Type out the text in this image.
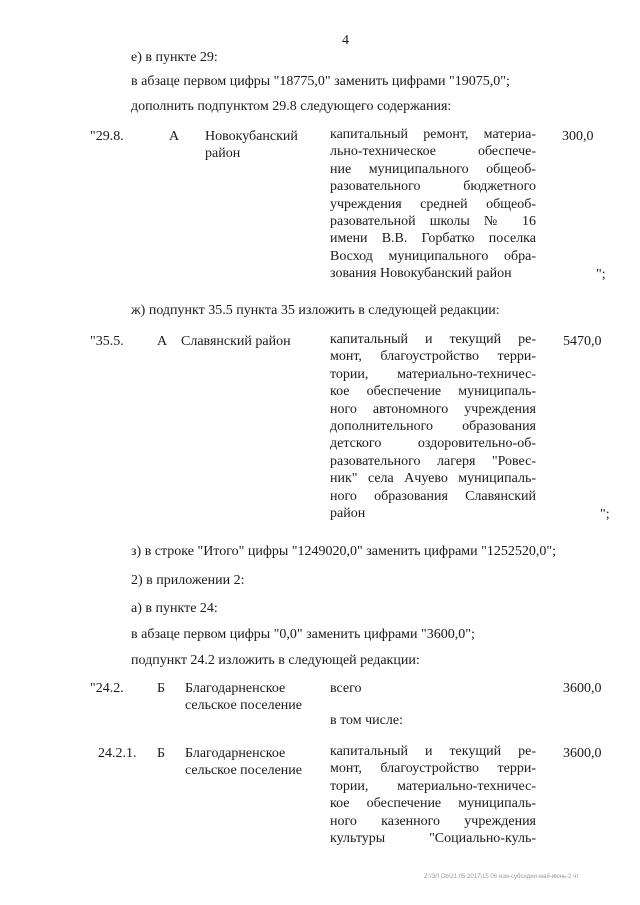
4
е) в пункте 29:
в абзаце первом цифры "18775,0" заменить цифрами "19075,0";
дополнить подпунктом 29.8 следующего содержания:
"29.8.	А Новокубанский
район
капитальный ремонт, материа-
льно-техническое обеспече-
ние муниципального общеоб-
разовательного бюджетного
учреждения средней общеоб-
разовательной школы № 16
имени В.В. Горбатко поселка
Восход муниципального обра-
зования Новокубанский район
300,0
";
ж) подпункт 35.5 пункта 35 изложить в следующей редакции:
"35.5. А Славянский район	капитальный и текущий ре-
монт, благоустройство терри-
тории, материально-техничес-
кое обеспечение муниципаль-
ного автономного учреждения
дополнительного образования
детского оздоровительно-об-
разовательного лагеря "Ровес-
ник" села Ачуево муниципаль-
ного образования Славянский
район
5470,0
";
з) в строке "Итого" цифры "1249020,0" заменить цифрами "1252520,0";
2) в приложении 2:
а) в пункте 24:
в абзаце первом цифры "0,0" заменить цифрами "3600,0";
подпункт 24.2 изложить в следующей редакции:
"24.2. Б Благодарненское
сельское поселение
всего
в том числе:
3600,0
24.2.1. Б Благодарненское
сельское поселение
капитальный и текущий ре-
монт, благоустройство терри-
тории, материально-техничес-
кое обеспечение муниципаль-
ного казенного учреждения
культуры "Социально-куль-
3600,0
Z:\ЭЛ Ob\21.05.2017\15 06 изм-субсидии-май-июнь-2 чт
